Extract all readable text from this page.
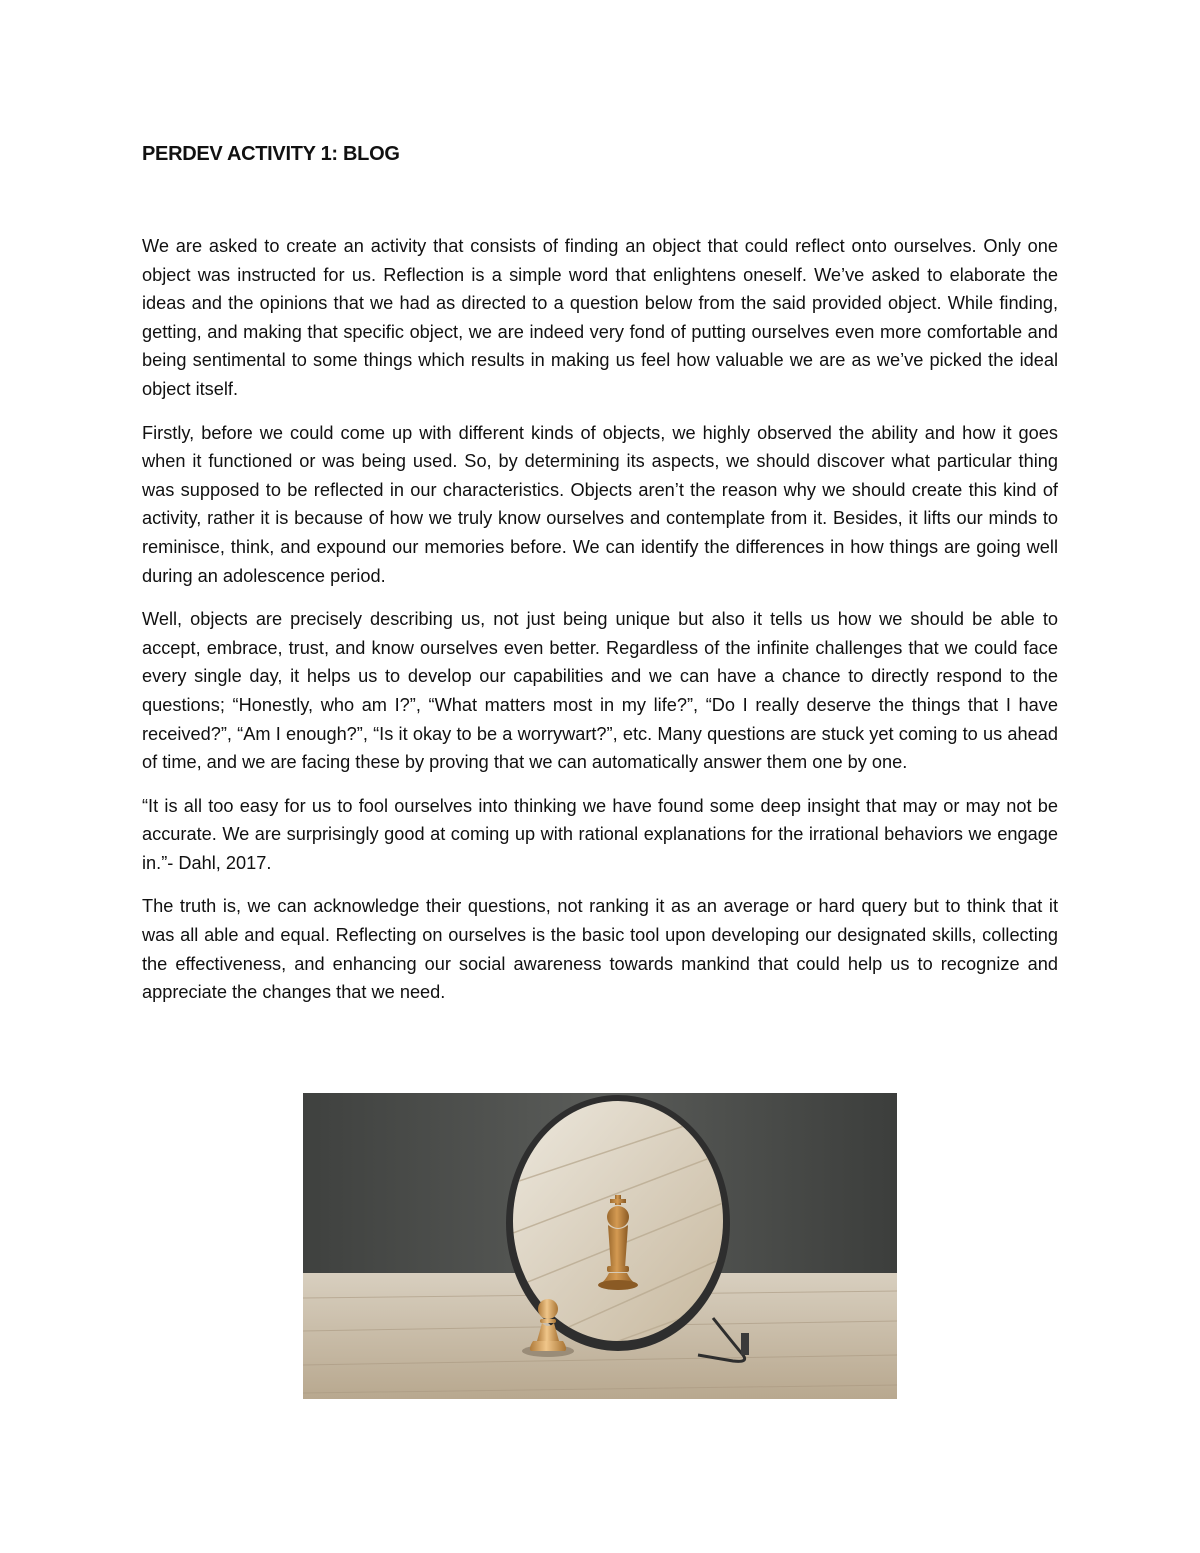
PERDEV ACTIVITY 1: BLOG

We are asked to create an activity that consists of finding an object that could reflect onto ourselves. Only one object was instructed for us. Reflection is a simple word that enlightens oneself. We’ve asked to elaborate the ideas and the opinions that we had as directed to a question below from the said provided object. While finding, getting, and making that specific object, we are indeed very fond of putting ourselves even more comfortable and being sentimental to some things which results in making us feel how valuable we are as we’ve picked the ideal object itself.

Firstly, before we could come up with different kinds of objects, we highly observed the ability and how it goes when it functioned or was being used. So, by determining its aspects, we should discover what particular thing was supposed to be reflected in our characteristics. Objects aren’t the reason why we should create this kind of activity, rather it is because of how we truly know ourselves and contemplate from it. Besides, it lifts our minds to reminisce, think, and expound our memories before. We can identify the differences in how things are going well during an adolescence period.

Well, objects are precisely describing us, not just being unique but also it tells us how we should be able to accept, embrace, trust, and know ourselves even better. Regardless of the infinite challenges that we could face every single day, it helps us to develop our capabilities and we can have a chance to directly respond to the questions; “Honestly, who am I?”, “What matters most in my life?”, “Do I really deserve the things that I have received?”, “Am I enough?”, “Is it okay to be a worrywart?”, etc. Many questions are stuck yet coming to us ahead of time, and we are facing these by proving that we can automatically answer them one by one.

“It is all too easy for us to fool ourselves into thinking we have found some deep insight that may or may not be accurate. We are surprisingly good at coming up with rational explanations for the irrational behaviors we engage in.”- Dahl, 2017.

The truth is, we can acknowledge their questions, not ranking it as an average or hard query but to think that it was all able and equal. Reflecting on ourselves is the basic tool upon developing our designated skills, collecting the effectiveness, and enhancing our social awareness towards mankind that could help us to recognize and appreciate the changes that we need.
